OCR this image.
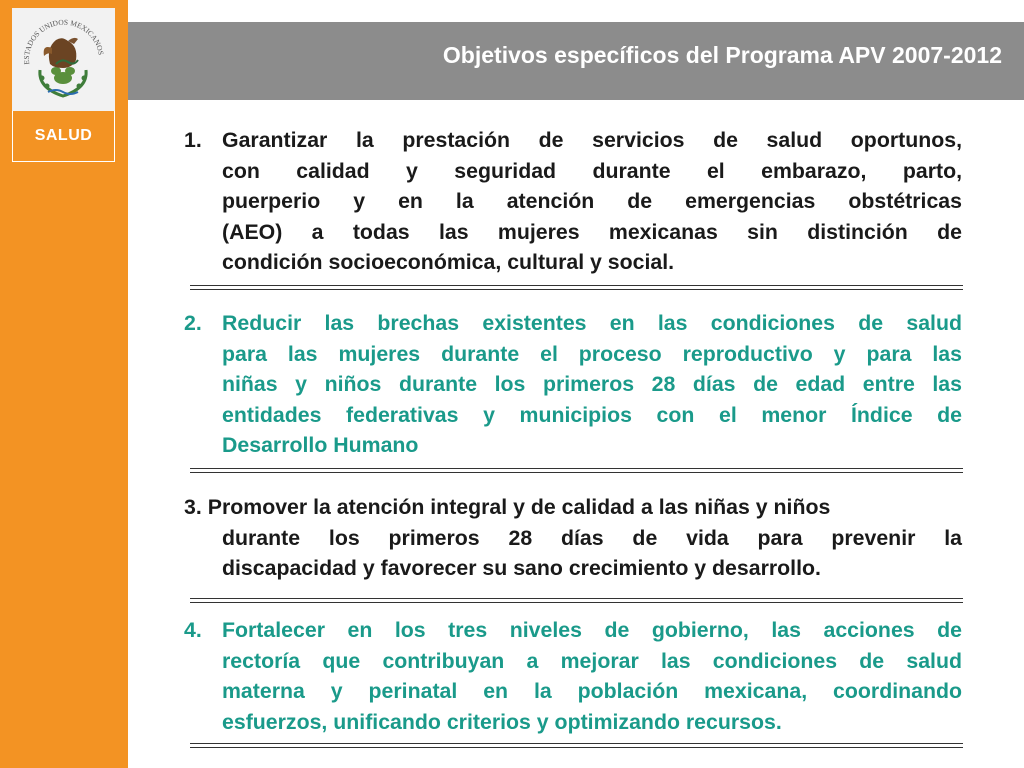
ESTADOS UNIDOS MEXICANOS
SALUD
Objetivos específicos del Programa APV 2007-2012
1. Garantizar la prestación de servicios de salud oportunos,
con calidad y seguridad durante el embarazo, parto,
puerperio y en la atención de emergencias obstétricas
(AEO) a todas las mujeres mexicanas sin distinción de
condición socioeconómica, cultural y social.
2. Reducir las brechas existentes en las condiciones de salud
para las mujeres durante el proceso reproductivo y para las
niñas y niños durante los primeros 28 días de edad entre las
entidades federativas y municipios con el menor Índice de
Desarrollo Humano
3. Promover la atención integral y de calidad a las niñas y niños
durante los primeros 28 días de vida para prevenir la
discapacidad y favorecer su sano crecimiento y desarrollo.
4. Fortalecer en los tres niveles de gobierno, las acciones de
rectoría que contribuyan a mejorar las condiciones de salud
materna y perinatal en la población mexicana, coordinando
esfuerzos, unificando criterios y optimizando recursos.
